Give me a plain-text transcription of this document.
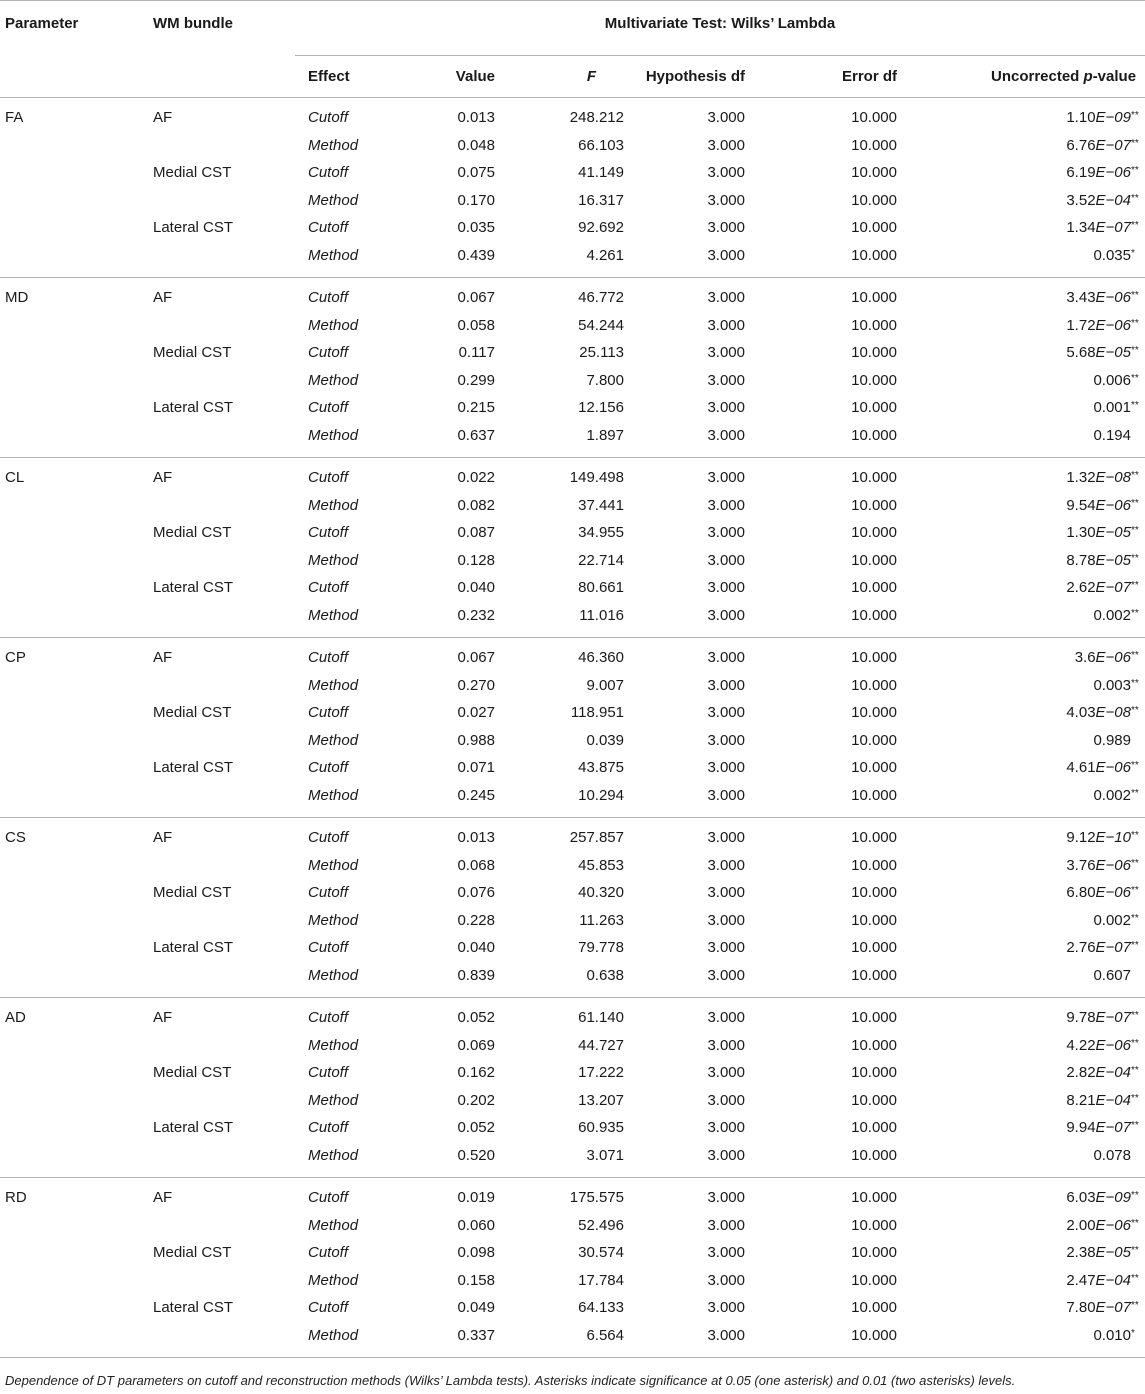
Parameter	WM bundle	Multivariate Test: Wilks’ Lambda					
		Effect	Value	F	Hypothesis df	Error df	Uncorrected p-value
FA	AF	Cutoff	0.013	248.212	3.000	10.000	1.10E−09**
		Method	0.048	66.103	3.000	10.000	6.76E−07**
	Medial CST	Cutoff	0.075	41.149	3.000	10.000	6.19E−06**
		Method	0.170	16.317	3.000	10.000	3.52E−04**
	Lateral CST	Cutoff	0.035	92.692	3.000	10.000	1.34E−07**
		Method	0.439	4.261	3.000	10.000	0.035*
MD	AF	Cutoff	0.067	46.772	3.000	10.000	3.43E−06**
		Method	0.058	54.244	3.000	10.000	1.72E−06**
	Medial CST	Cutoff	0.117	25.113	3.000	10.000	5.68E−05**
		Method	0.299	7.800	3.000	10.000	0.006**
	Lateral CST	Cutoff	0.215	12.156	3.000	10.000	0.001**
		Method	0.637	1.897	3.000	10.000	0.194
CL	AF	Cutoff	0.022	149.498	3.000	10.000	1.32E−08**
		Method	0.082	37.441	3.000	10.000	9.54E−06**
	Medial CST	Cutoff	0.087	34.955	3.000	10.000	1.30E−05**
		Method	0.128	22.714	3.000	10.000	8.78E−05**
	Lateral CST	Cutoff	0.040	80.661	3.000	10.000	2.62E−07**
		Method	0.232	11.016	3.000	10.000	0.002**
CP	AF	Cutoff	0.067	46.360	3.000	10.000	3.6E−06**
		Method	0.270	9.007	3.000	10.000	0.003**
	Medial CST	Cutoff	0.027	118.951	3.000	10.000	4.03E−08**
		Method	0.988	0.039	3.000	10.000	0.989
	Lateral CST	Cutoff	0.071	43.875	3.000	10.000	4.61E−06**
		Method	0.245	10.294	3.000	10.000	0.002**
CS	AF	Cutoff	0.013	257.857	3.000	10.000	9.12E−10**
		Method	0.068	45.853	3.000	10.000	3.76E−06**
	Medial CST	Cutoff	0.076	40.320	3.000	10.000	6.80E−06**
		Method	0.228	11.263	3.000	10.000	0.002**
	Lateral CST	Cutoff	0.040	79.778	3.000	10.000	2.76E−07**
		Method	0.839	0.638	3.000	10.000	0.607
AD	AF	Cutoff	0.052	61.140	3.000	10.000	9.78E−07**
		Method	0.069	44.727	3.000	10.000	4.22E−06**
	Medial CST	Cutoff	0.162	17.222	3.000	10.000	2.82E−04**
		Method	0.202	13.207	3.000	10.000	8.21E−04**
	Lateral CST	Cutoff	0.052	60.935	3.000	10.000	9.94E−07**
		Method	0.520	3.071	3.000	10.000	0.078
RD	AF	Cutoff	0.019	175.575	3.000	10.000	6.03E−09**
		Method	0.060	52.496	3.000	10.000	2.00E−06**
	Medial CST	Cutoff	0.098	30.574	3.000	10.000	2.38E−05**
		Method	0.158	17.784	3.000	10.000	2.47E−04**
	Lateral CST	Cutoff	0.049	64.133	3.000	10.000	7.80E−07**
		Method	0.337	6.564	3.000	10.000	0.010*
Dependence of DT parameters on cutoff and reconstruction methods (Wilks’ Lambda tests). Asterisks indicate significance at 0.05 (one asterisk) and 0.01 (two asterisks) levels.
